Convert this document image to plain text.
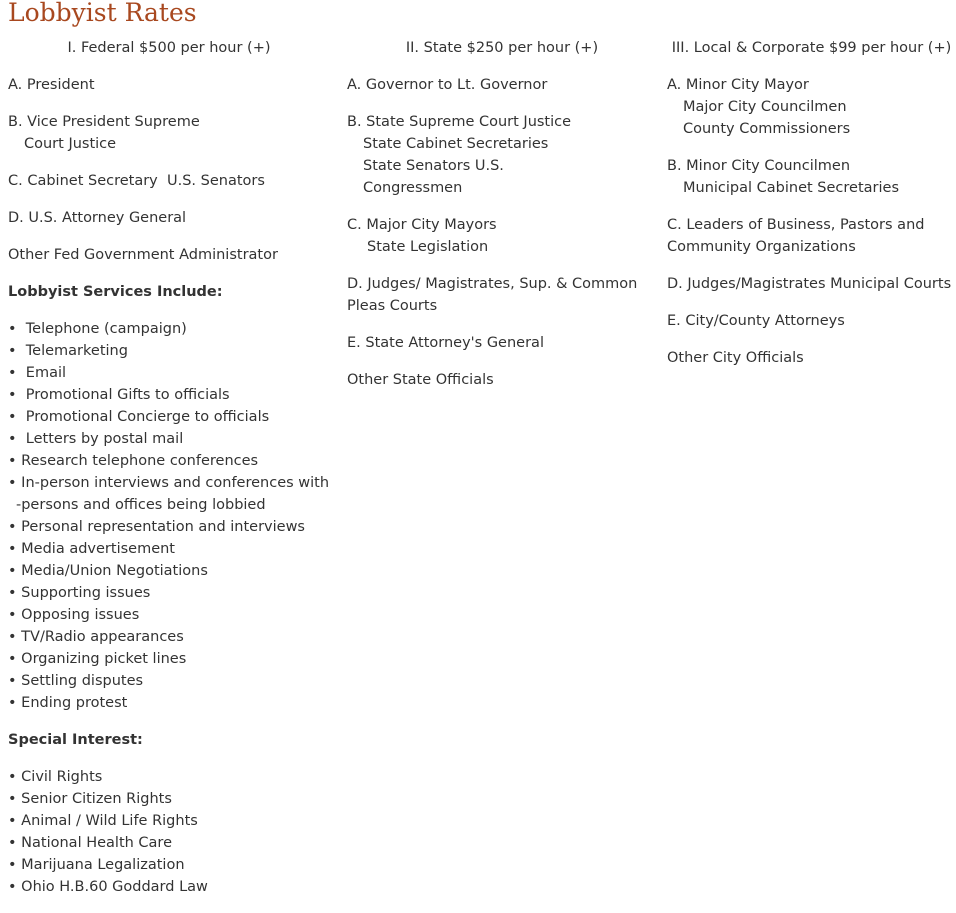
Lobbyist Rates
I. Federal $500 per hour (+)
A. President
B. Vice President Supreme
Court Justice
C. Cabinet Secretary  U.S. Senators
D. U.S. Attorney General
Other Fed Government Administrator
Lobbyist Services Include:
•  Telephone (campaign)
•  Telemarketing
•  Email
•  Promotional Gifts to officials
•  Promotional Concierge to officials
•  Letters by postal mail
• Research telephone conferences
• In-person interviews and conferences with
-persons and offices being lobbied
• Personal representation and interviews
• Media advertisement
• Media/Union Negotiations
• Supporting issues
• Opposing issues
• TV/Radio appearances
• Organizing picket lines
• Settling disputes
• Ending protest
Special Interest:
• Civil Rights
• Senior Citizen Rights
• Animal / Wild Life Rights
• National Health Care
• Marijuana Legalization
• Ohio H.B.60 Goddard Law
II. State $250 per hour (+)
A. Governor to Lt. Governor
B. State Supreme Court Justice
State Cabinet Secretaries
State Senators U.S.
Congressmen
C. Major City Mayors
State Legislation
D. Judges/ Magistrates, Sup. & Common
Pleas Courts
E. State Attorney's General
Other State Officials
III. Local & Corporate $99 per hour (+)
A. Minor City Mayor
Major City Councilmen
County Commissioners
B. Minor City Councilmen
Municipal Cabinet Secretaries
C. Leaders of Business, Pastors and
Community Organizations
D. Judges/Magistrates Municipal Courts
E. City/County Attorneys
Other City Officials
